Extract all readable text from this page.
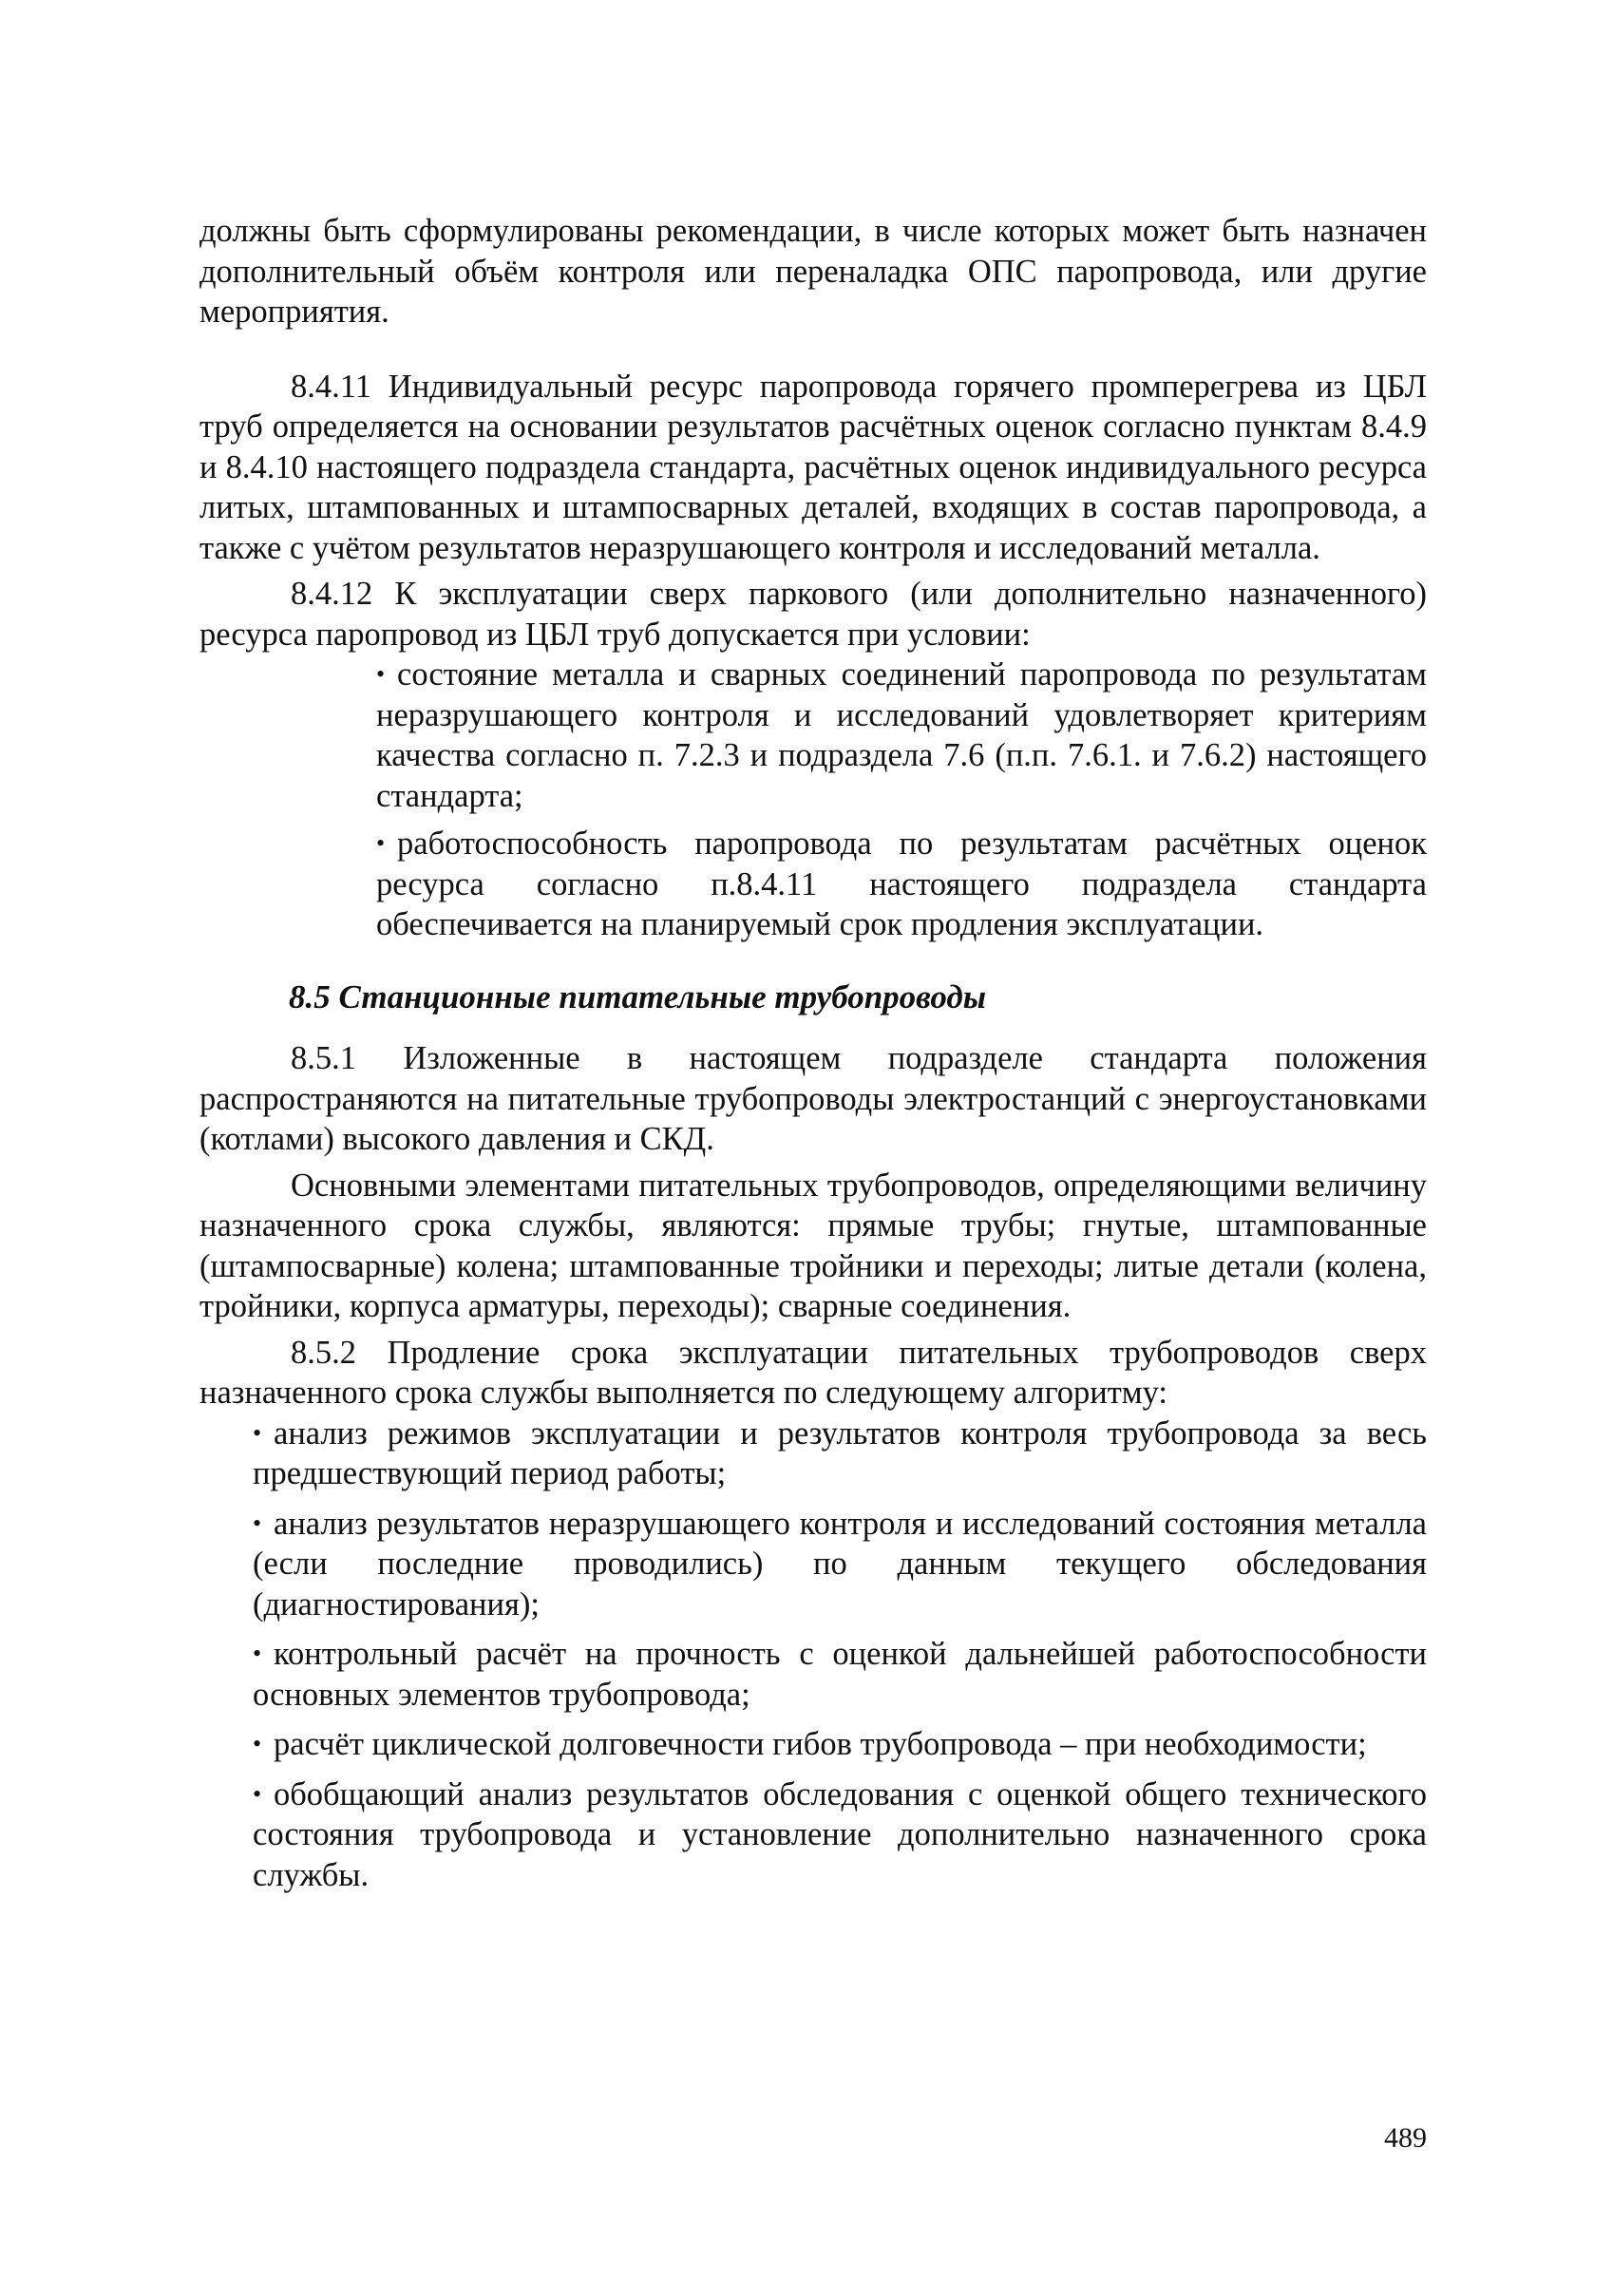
должны быть сформулированы рекомендации, в числе которых может быть назначен дополнительный объём контроля или переналадка ОПС паропровода, или другие мероприятия.

8.4.11 Индивидуальный ресурс паропровода горячего промперегрева из ЦБЛ труб определяется на основании результатов расчётных оценок согласно пунктам 8.4.9 и 8.4.10 настоящего подраздела стандарта, расчётных оценок индивидуального ресурса литых, штампованных и штампосварных деталей, входящих в состав паропровода, а также с учётом результатов неразрушающего контроля и исследований металла.

8.4.12 К эксплуатации сверх паркового (или дополнительно назначенного) ресурса паропровод из ЦБЛ труб допускается при условии:

• состояние металла и сварных соединений паропровода по результатам неразрушающего контроля и исследований удовлетворяет критериям качества согласно п. 7.2.3 и подраздела 7.6 (п.п. 7.6.1. и 7.6.2) настоящего стандарта;
• работоспособность паропровода по результатам расчётных оценок ресурса согласно п.8.4.11 настоящего подраздела стандарта обеспечивается на планируемый срок продления эксплуатации.

8.5 Станционные питательные трубопроводы

8.5.1 Изложенные в настоящем подразделе стандарта положения распространяются на питательные трубопроводы электростанций с энергоустановками (котлами) высокого давления и СКД.

Основными элементами питательных трубопроводов, определяющими величину назначенного срока службы, являются: прямые трубы; гнутые, штампованные (штампосварные) колена; штампованные тройники и переходы; литые детали (колена, тройники, корпуса арматуры, переходы); сварные соединения.

8.5.2 Продление срока эксплуатации питательных трубопроводов сверх назначенного срока службы выполняется по следующему алгоритму:

• анализ режимов эксплуатации и результатов контроля трубопровода за весь предшествующий период работы;
• анализ результатов неразрушающего контроля и исследований состояния металла (если последние проводились) по данным текущего обследования (диагностирования);
• контрольный расчёт на прочность с оценкой дальнейшей работоспособности основных элементов трубопровода;
• расчёт циклической долговечности гибов трубопровода – при необходимости;
• обобщающий анализ результатов обследования с оценкой общего технического состояния трубопровода и установление дополнительно назначенного срока службы.
489
